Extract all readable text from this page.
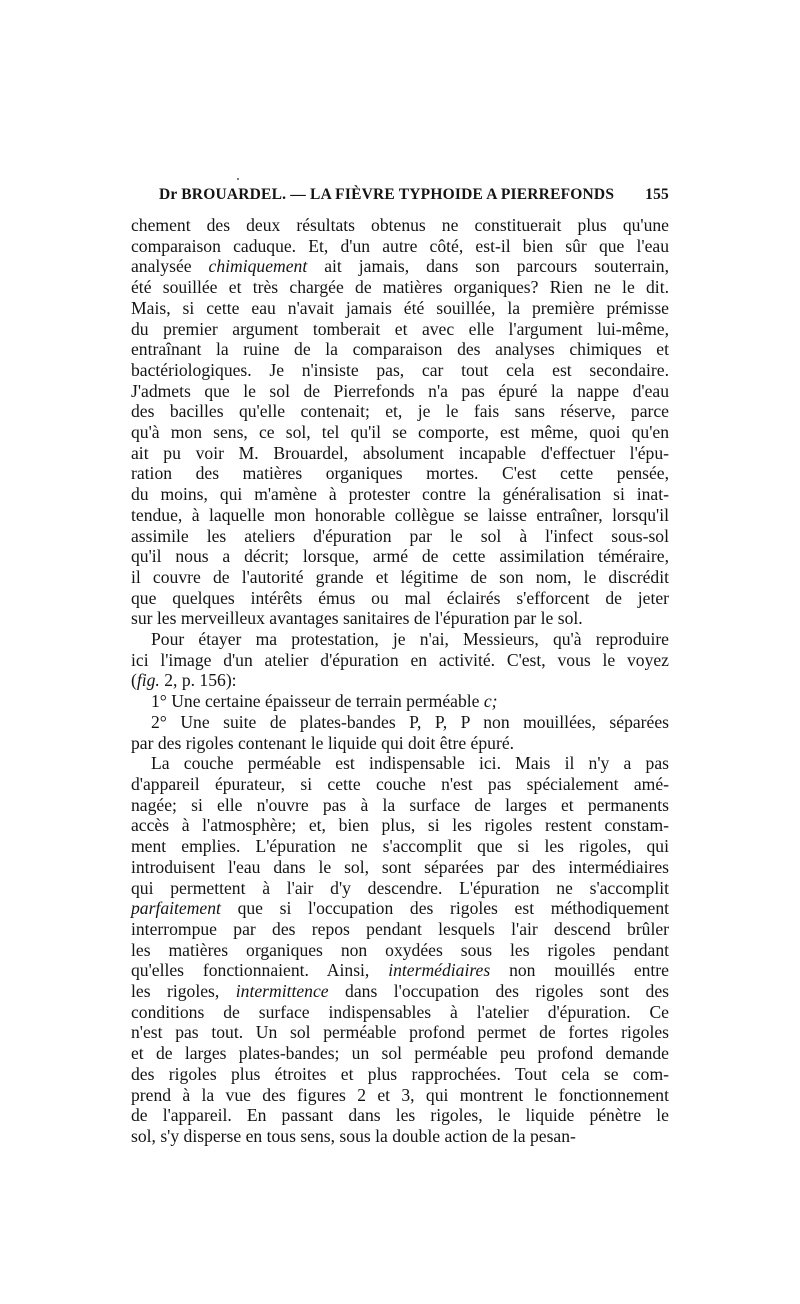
Dr BROUARDEL. — LA FIÈVRE TYPHOIDE A PIERREFONDS 155
chement des deux résultats obtenus ne constituerait plus qu'une
comparaison caduque. Et, d'un autre côté, est-il bien sûr que l'eau
analysée chimiquement ait jamais, dans son parcours souterrain,
été souillée et très chargée de matières organiques? Rien ne le dit.
Mais, si cette eau n'avait jamais été souillée, la première prémisse
du premier argument tomberait et avec elle l'argument lui-même,
entraînant la ruine de la comparaison des analyses chimiques et
bactériologiques. Je n'insiste pas, car tout cela est secondaire.
J'admets que le sol de Pierrefonds n'a pas épuré la nappe d'eau
des bacilles qu'elle contenait; et, je le fais sans réserve, parce
qu'à mon sens, ce sol, tel qu'il se comporte, est même, quoi qu'en
ait pu voir M. Brouardel, absolument incapable d'effectuer l'épu-
ration des matières organiques mortes. C'est cette pensée,
du moins, qui m'amène à protester contre la généralisation si inat-
tendue, à laquelle mon honorable collègue se laisse entraîner, lorsqu'il
assimile les ateliers d'épuration par le sol à l'infect sous-sol
qu'il nous a décrit; lorsque, armé de cette assimilation téméraire,
il couvre de l'autorité grande et légitime de son nom, le discrédit
que quelques intérêts émus ou mal éclairés s'efforcent de jeter
sur les merveilleux avantages sanitaires de l'épuration par le sol.
Pour étayer ma protestation, je n'ai, Messieurs, qu'à reproduire
ici l'image d'un atelier d'épuration en activité. C'est, vous le voyez
(fig. 2, p. 156):
1° Une certaine épaisseur de terrain perméable c;
2° Une suite de plates-bandes P, P, P non mouillées, séparées
par des rigoles contenant le liquide qui doit être épuré.
La couche perméable est indispensable ici. Mais il n'y a pas
d'appareil épurateur, si cette couche n'est pas spécialement amé-
nagée; si elle n'ouvre pas à la surface de larges et permanents
accès à l'atmosphère; et, bien plus, si les rigoles restent constam-
ment emplies. L'épuration ne s'accomplit que si les rigoles, qui
introduisent l'eau dans le sol, sont séparées par des intermédiaires
qui permettent à l'air d'y descendre. L'épuration ne s'accomplit
parfaitement que si l'occupation des rigoles est méthodiquement
interrompue par des repos pendant lesquels l'air descend brûler
les matières organiques non oxydées sous les rigoles pendant
qu'elles fonctionnaient. Ainsi, intermédiaires non mouillés entre
les rigoles, intermittence dans l'occupation des rigoles sont des
conditions de surface indispensables à l'atelier d'épuration. Ce
n'est pas tout. Un sol perméable profond permet de fortes rigoles
et de larges plates-bandes; un sol perméable peu profond demande
des rigoles plus étroites et plus rapprochées. Tout cela se com-
prend à la vue des figures 2 et 3, qui montrent le fonctionnement
de l'appareil. En passant dans les rigoles, le liquide pénètre le
sol, s'y disperse en tous sens, sous la double action de la pesan-
